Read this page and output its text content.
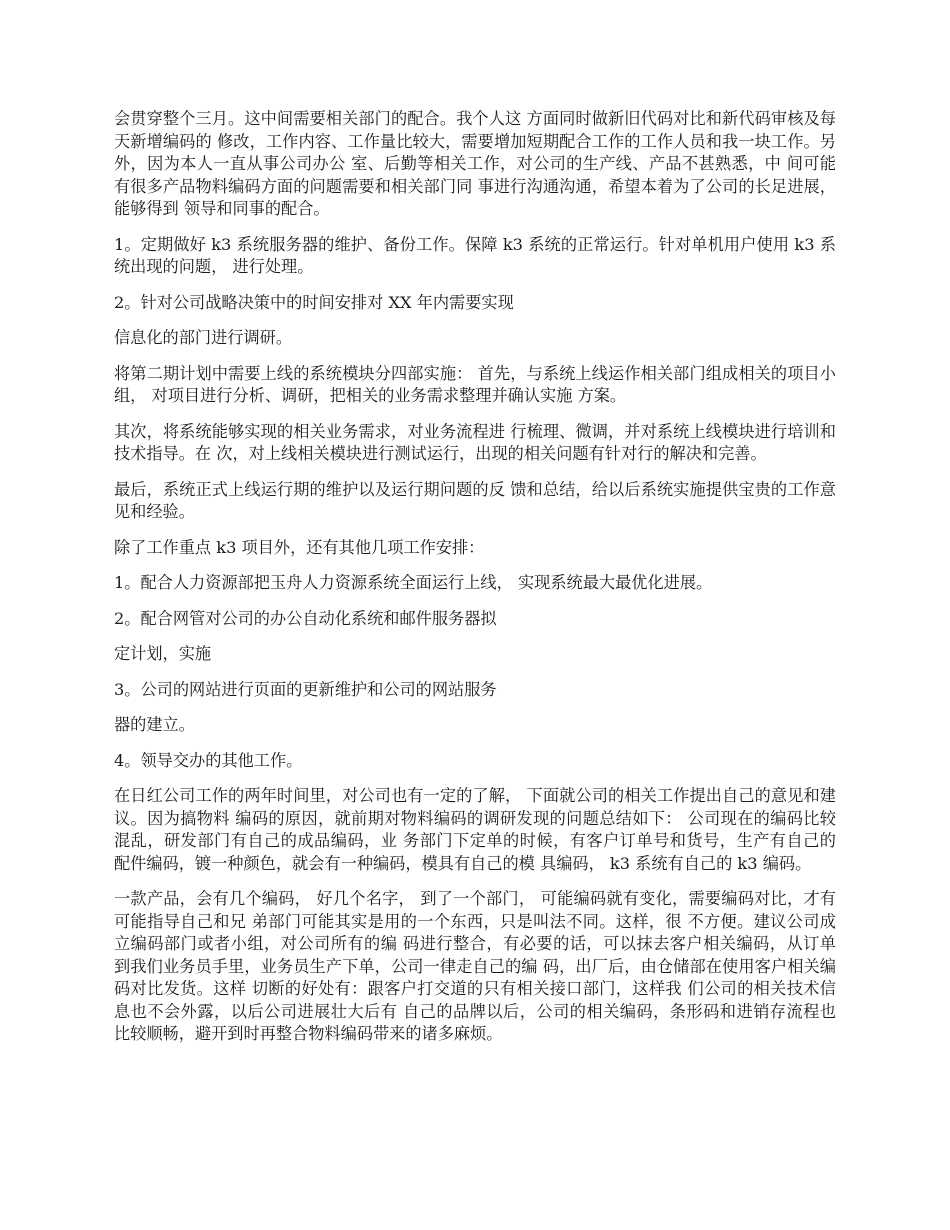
会贯穿整个三月。这中间需要相关部门的配合。我个人这 方面同时做新旧代码对比和新代码审核及每天新增编码的 修改，工作内容、工作量比较大，需要增加短期配合工作的工作人员和我一块工作。另外，因为本人一直从事公司办公 室、后勤等相关工作，对公司的生产线、产品不甚熟悉，中 间可能有很多产品物料编码方面的问题需要和相关部门同 事进行沟通沟通，希望本着为了公司的长足进展，能够得到 领导和同事的配合。

1。定期做好 k3 系统服务器的维护、备份工作。保障 k3 系统的正常运行。针对单机用户使用 k3 系统出现的问题， 进行处理。

2。针对公司战略决策中的时间安排对 XX 年内需要实现

信息化的部门进行调研。

将第二期计划中需要上线的系统模块分四部实施： 首先，与系统上线运作相关部门组成相关的项目小组， 对项目进行分析、调研，把相关的业务需求整理并确认实施 方案。

其次，将系统能够实现的相关业务需求，对业务流程进 行梳理、微调，并对系统上线模块进行培训和技术指导。在 次，对上线相关模块进行测试运行，出现的相关问题有针对行的解决和完善。

最后，系统正式上线运行期的维护以及运行期问题的反 馈和总结，给以后系统实施提供宝贵的工作意见和经验。

除了工作重点 k3 项目外，还有其他几项工作安排：

1。配合人力资源部把玉舟人力资源系统全面运行上线， 实现系统最大最优化进展。

2。配合网管对公司的办公自动化系统和邮件服务器拟

定计划，实施

3。公司的网站进行页面的更新维护和公司的网站服务

器的建立。

4。领导交办的其他工作。

在日红公司工作的两年时间里，对公司也有一定的了解， 下面就公司的相关工作提出自己的意见和建议。因为搞物料 编码的原因，就前期对物料编码的调研发现的问题总结如下： 公司现在的编码比较混乱，研发部门有自己的成品编码，业 务部门下定单的时候，有客户订单号和货号，生产有自己的 配件编码，镀一种颜色，就会有一种编码，模具有自己的模 具编码， k3 系统有自己的 k3 编码。

一款产品，会有几个编码， 好几个名字， 到了一个部门， 可能编码就有变化，需要编码对比，才有可能指导自己和兄 弟部门可能其实是用的一个东西，只是叫法不同。这样，很 不方便。建议公司成立编码部门或者小组，对公司所有的编 码进行整合，有必要的话，可以抹去客户相关编码，从订单 到我们业务员手里，业务员生产下单，公司一律走自己的编 码，出厂后，由仓储部在使用客户相关编码对比发货。这样 切断的好处有：跟客户打交道的只有相关接口部门，这样我 们公司的相关技术信息也不会外露，以后公司进展壮大后有 自己的品牌以后，公司的相关编码，条形码和进销存流程也 比较顺畅，避开到时再整合物料编码带来的诸多麻烦。
